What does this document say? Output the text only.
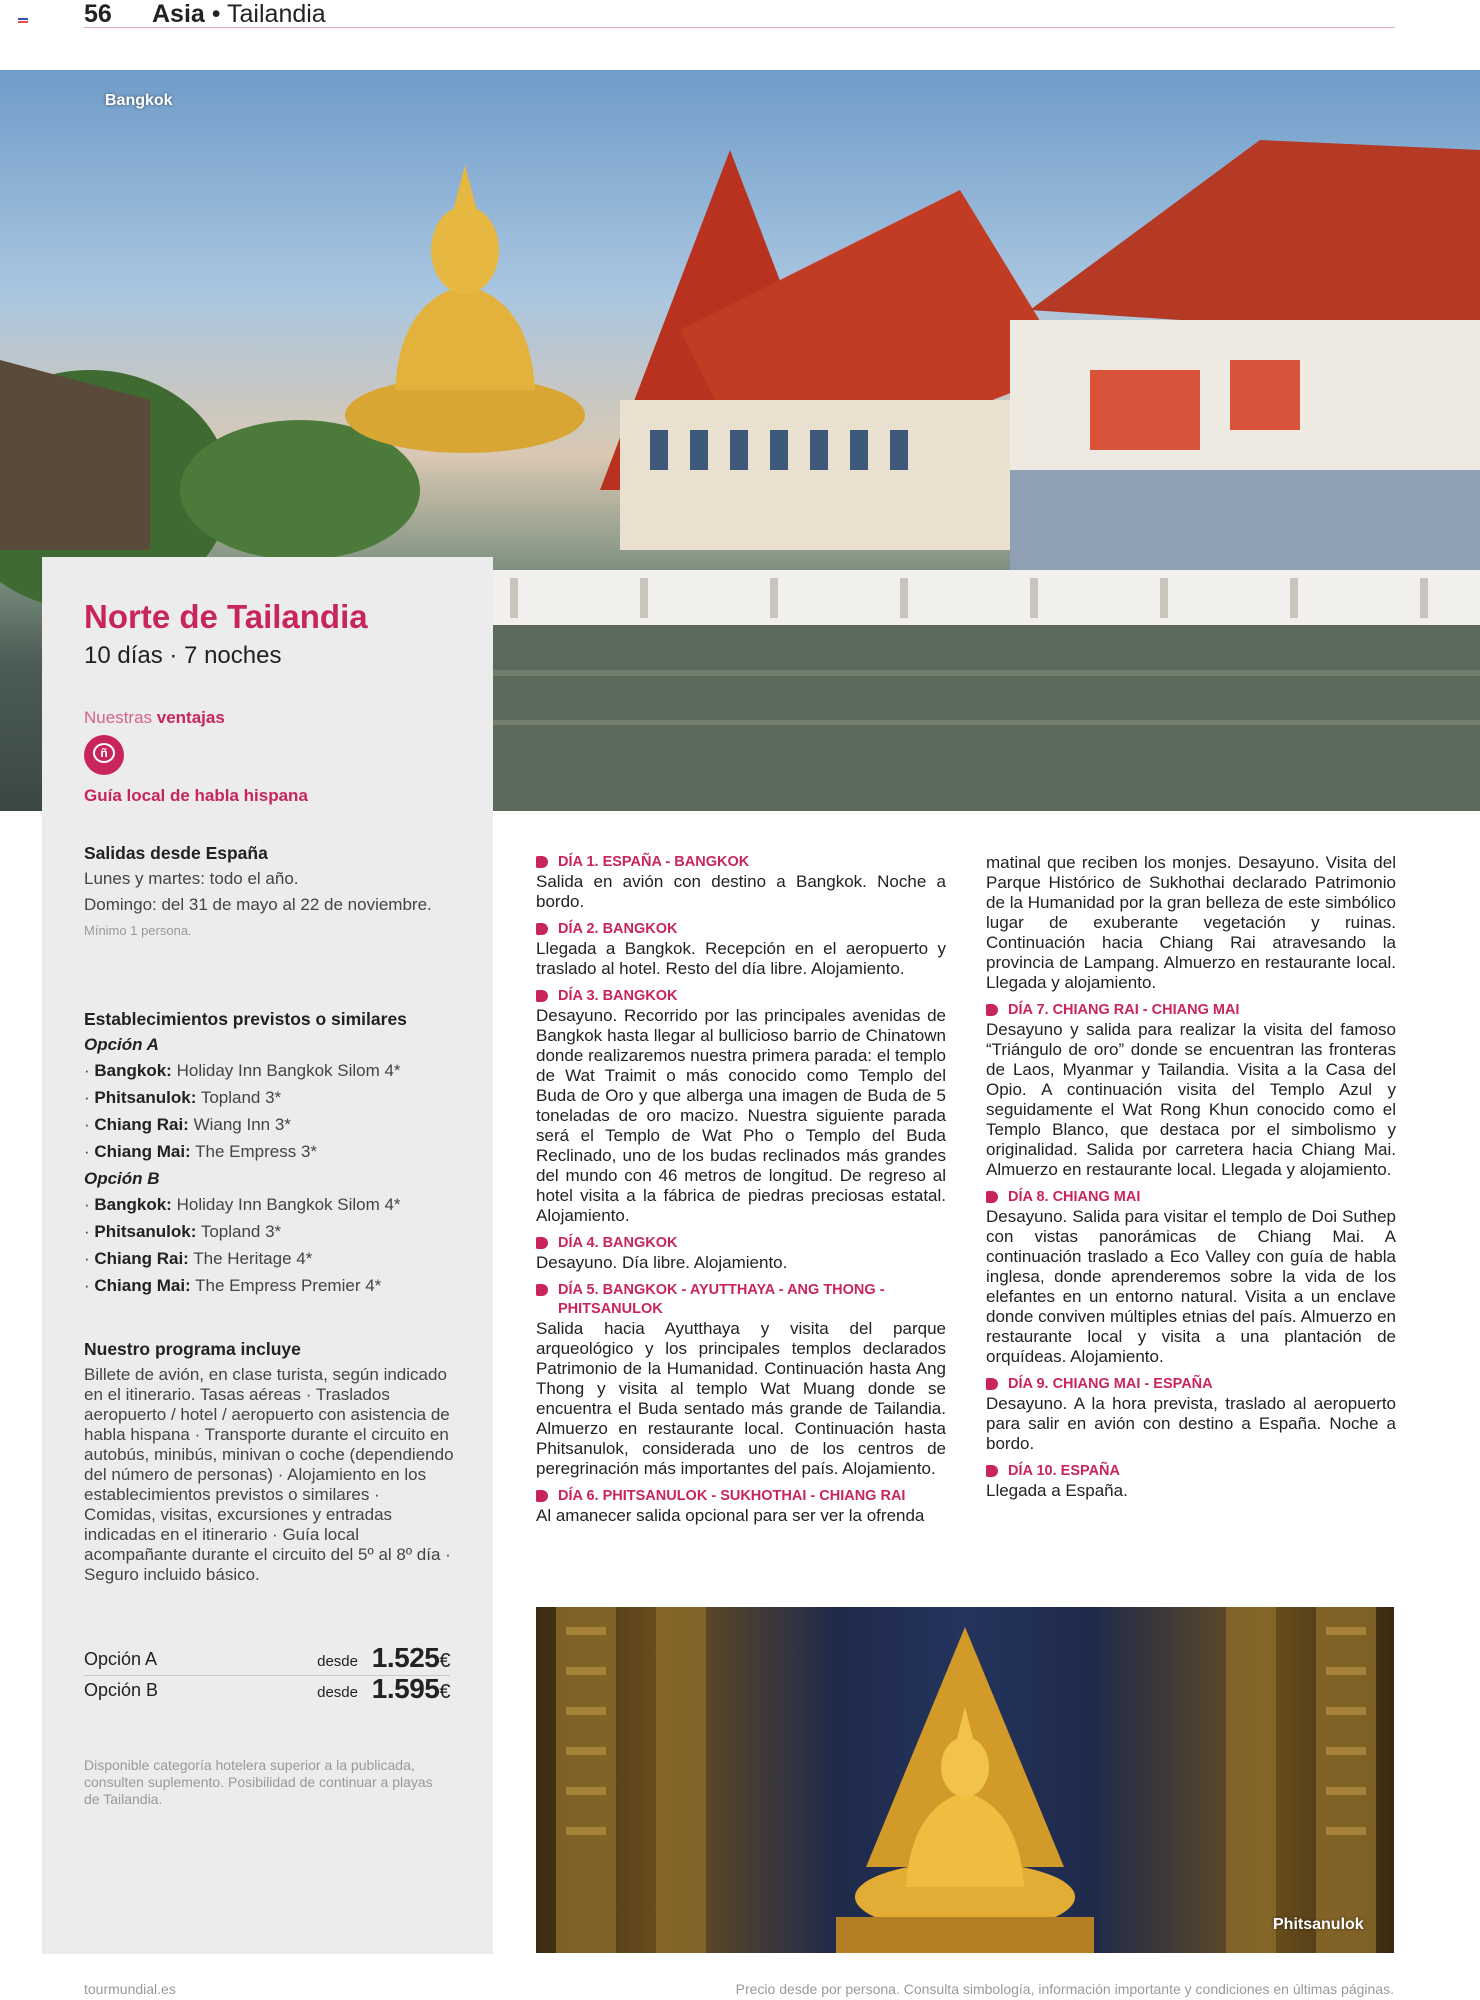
56 Asia • Tailandia
Bangkok
Norte de Tailandia
10 días · 7 noches
Nuestras ventajas
ñ
Guía local de habla hispana
Salidas desde España

Lunes y martes: todo el año.

Domingo: del 31 de mayo al 22 de noviembre.

Mínimo 1 persona.

Establecimientos previstos o similares
Opción A
· Bangkok: Holiday Inn Bangkok Silom 4*
· Phitsanulok: Topland 3*
· Chiang Rai: Wiang Inn 3*
· Chiang Mai: The Empress 3*
Opción B
· Bangkok: Holiday Inn Bangkok Silom 4*
· Phitsanulok: Topland 3*
· Chiang Rai: The Heritage 4*
· Chiang Mai: The Empress Premier 4*
Nuestro programa incluye

Billete de avión, en clase turista, según indicado en el itinerario. Tasas aéreas · Traslados aeropuerto / hotel / aeropuerto con asistencia de habla hispana · Transporte durante el circuito en autobús, minibús, minivan o coche (dependiendo del número de personas) · Alojamiento en los establecimientos previstos o similares · Comidas, visitas, excursiones y entradas indicadas en el itinerario · Guía local acompañante durante el circuito del 5º al 8º día · Seguro incluido básico.

Opción A	desde 1.525€
Opción B	desde 1.595€
Disponible categoría hotelera superior a la publicada, consulten suplemento. Posibilidad de continuar a playas de Tailandia.
DÍA 1. ESPAÑA - BANGKOK
Salida en avión con destino a Bangkok. Noche a bordo.
DÍA 2. BANGKOK
Llegada a Bangkok. Recepción en el aeropuerto y traslado al hotel. Resto del día libre. Alojamiento.
DÍA 3. BANGKOK
Desayuno. Recorrido por las principales avenidas de Bangkok hasta llegar al bullicioso barrio de Chinatown donde realizaremos nuestra primera parada: el templo de Wat Traimit o más conocido como Templo del Buda de Oro y que alberga una imagen de Buda de 5 toneladas de oro macizo. Nuestra siguiente parada será el Templo de Wat Pho o Templo del Buda Reclinado, uno de los budas reclinados más grandes del mundo con 46 metros de longitud. De regreso al hotel visita a la fábrica de piedras preciosas estatal. Alojamiento.
DÍA 4. BANGKOK
Desayuno. Día libre. Alojamiento.
DÍA 5. BANGKOK - AYUTTHAYA - ANG THONG - PHITSANULOK
Salida hacia Ayutthaya y visita del parque arqueológico y los principales templos declarados Patrimonio de la Humanidad. Continuación hasta Ang Thong y visita al templo Wat Muang donde se encuentra el Buda sentado más grande de Tailandia. Almuerzo en restaurante local. Continuación hasta Phitsanulok, considerada uno de los centros de peregrinación más importantes del país. Alojamiento.
DÍA 6. PHITSANULOK - SUKHOTHAI - CHIANG RAI
Al amanecer salida opcional para ser ver la ofrenda
matinal que reciben los monjes. Desayuno. Visita del Parque Histórico de Sukhothai declarado Patrimonio de la Humanidad por la gran belleza de este simbólico lugar de exuberante vegetación y ruinas. Continuación hacia Chiang Rai atravesando la provincia de Lampang. Almuerzo en restaurante local. Llegada y alojamiento.
DÍA 7. CHIANG RAI - CHIANG MAI
Desayuno y salida para realizar la visita del famoso “Triángulo de oro” donde se encuentran las fronteras de Laos, Myanmar y Tailandia. Visita a la Casa del Opio. A continuación visita del Templo Azul y seguidamente el Wat Rong Khun conocido como el Templo Blanco, que destaca por el simbolismo y originalidad. Salida por carretera hacia Chiang Mai. Almuerzo en restaurante local. Llegada y alojamiento.
DÍA 8. CHIANG MAI
Desayuno. Salida para visitar el templo de Doi Suthep con vistas panorámicas de Chiang Mai. A continuación traslado a Eco Valley con guía de habla inglesa, donde aprenderemos sobre la vida de los elefantes en un entorno natural. Visita a un enclave donde conviven múltiples etnias del país. Almuerzo en restaurante local y visita a una plantación de orquídeas. Alojamiento.
DÍA 9. CHIANG MAI - ESPAÑA
Desayuno. A la hora prevista, traslado al aeropuerto para salir en avión con destino a España. Noche a bordo.
DÍA 10. ESPAÑA
Llegada a España.
Phitsanulok
tourmundial.es	Precio desde por persona. Consulta simbología, información importante y condiciones en últimas páginas.
